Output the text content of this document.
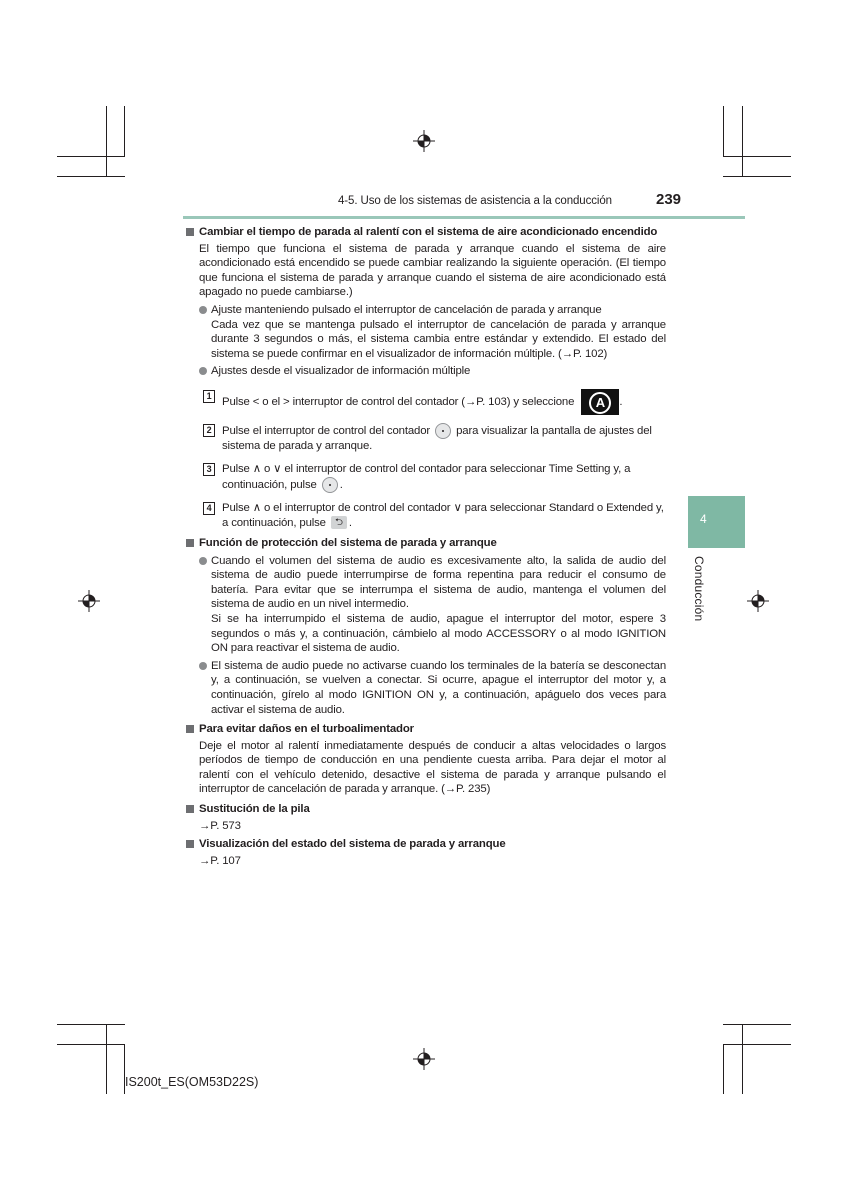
4-5. Uso de los sistemas de asistencia a la conducción	239
4
Conducción
Cambiar el tiempo de parada al ralentí con el sistema de aire acondicionado encendido
El tiempo que funciona el sistema de parada y arranque cuando el sistema de aire acondicionado está encendido se puede cambiar realizando la siguiente operación. (El tiempo que funciona el sistema de parada y arranque cuando el sistema de aire acondicionado está apagado no puede cambiarse.)
Ajuste manteniendo pulsado el interruptor de cancelación de parada y arranque
Cada vez que se mantenga pulsado el interruptor de cancelación de parada y arranque durante 3 segundos o más, el sistema cambia entre estándar y extendido. El estado del sistema se puede confirmar en el visualizador de información múltiple. (→P. 102)
Ajustes desde el visualizador de información múltiple
1
Pulse < o el > interruptor de control del contador (→P. 103) y seleccione	A	.
2 Pulse el interruptor de control del contador para visualizar la pantalla de ajustes del sistema de parada y arranque.
3 Pulse ∧ o ∨ el interruptor de control del contador para seleccionar Time Setting y, a continuación, pulse .
4 Pulse ∧ o el interruptor de control del contador ∨ para seleccionar Standard o Extended y, a continuación, pulse ⮌ .
Función de protección del sistema de parada y arranque
Cuando el volumen del sistema de audio es excesivamente alto, la salida de audio del sistema de audio puede interrumpirse de forma repentina para reducir el consumo de batería. Para evitar que se interrumpa el sistema de audio, mantenga el volumen del sistema de audio en un nivel intermedio.
Si se ha interrumpido el sistema de audio, apague el interruptor del motor, espere 3 segundos o más y, a continuación, cámbielo al modo ACCESSORY o al modo IGNITION ON para reactivar el sistema de audio.
El sistema de audio puede no activarse cuando los terminales de la batería se desconectan y, a continuación, se vuelven a conectar. Si ocurre, apague el interruptor del motor y, a continuación, gírelo al modo IGNITION ON y, a continuación, apáguelo dos veces para activar el sistema de audio.
Para evitar daños en el turboalimentador
Deje el motor al ralentí inmediatamente después de conducir a altas velocidades o largos períodos de tiempo de conducción en una pendiente cuesta arriba. Para dejar el motor al ralentí con el vehículo detenido, desactive el sistema de parada y arranque pulsando el interruptor de cancelación de parada y arranque. (→P. 235)
Sustitución de la pila
→P. 573
Visualización del estado del sistema de parada y arranque
→P. 107
IS200t_ES(OM53D22S)
